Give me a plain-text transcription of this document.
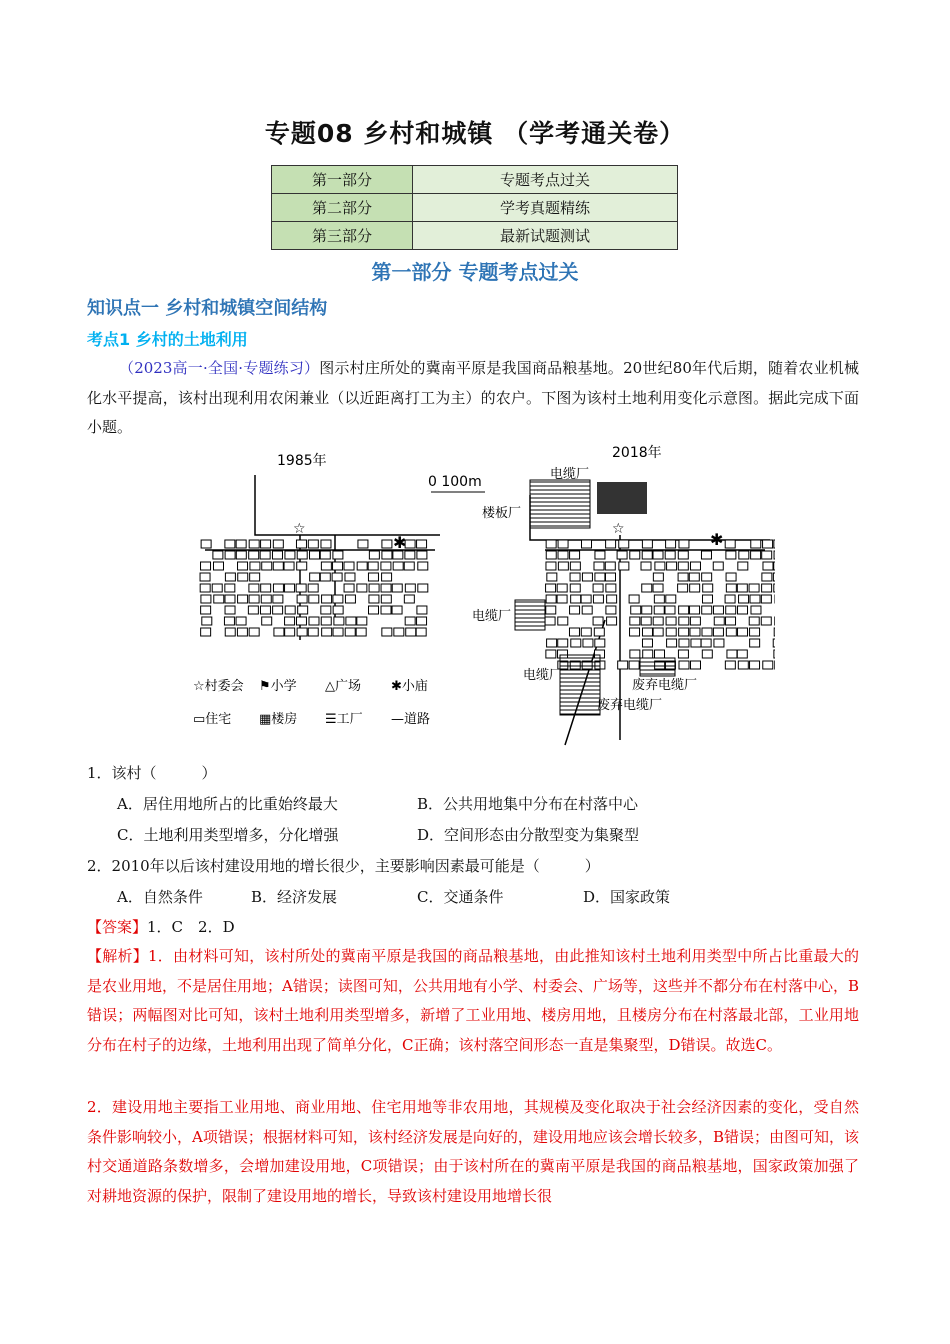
专题08 乡村和城镇 （学考通关卷）
第一部分	专题考点过关
第二部分	学考真题精练
第三部分	最新试题测试
第一部分 专题考点过关
知识点一 乡村和城镇空间结构
考点1 乡村的土地利用
（2023高一·全国·专题练习）图示村庄所处的冀南平原是我国商品粮基地。20世纪80年代后期，随着农业机械化水平提高，该村出现利用农闲兼业（以近距离打工为主）的农户。下图为该村土地利用变化示意图。据此完成下面小题。
☆
✱
☆
✱
1985年	2018年
0 100m	电缆厂
楼板厂
电缆厂
电缆厂
废弃电缆厂
废弃电缆厂
☆村委会 ⚑小学 △广场 ✱小庙
▭住宅 ▦楼房 ☰工厂 —道路
1．该村（　　　）
A．居住用地所占的比重始终最大	B．公共用地集中分布在村落中心
C．土地利用类型增多，分化增强	D．空间形态由分散型变为集聚型
2．2010年以后该村建设用地的增长很少，主要影响因素最可能是（　　　）
A．自然条件	B．经济发展	C．交通条件	D．国家政策
【答案】1．C　2．D
【解析】1．由材料可知，该村所处的冀南平原是我国的商品粮基地，由此推知该村土地利用类型中所占比重最大的是农业用地，不是居住用地；A错误；读图可知，公共用地有小学、村委会、广场等，这些并不都分布在村落中心，B错误；两幅图对比可知，该村土地利用类型增多，新增了工业用地、楼房用地，且楼房分布在村落最北部，工业用地分布在村子的边缘，土地利用出现了简单分化，C正确；该村落空间形态一直是集聚型，D错误。故选C。
2．建设用地主要指工业用地、商业用地、住宅用地等非农用地，其规模及变化取决于社会经济因素的变化，受自然条件影响较小，A项错误；根据材料可知，该村经济发展是向好的，建设用地应该会增长较多，B错误；由图可知，该村交通道路条数增多，会增加建设用地，C项错误；由于该村所在的冀南平原是我国的商品粮基地，国家政策加强了对耕地资源的保护，限制了建设用地的增长，导致该村建设用地增长很
